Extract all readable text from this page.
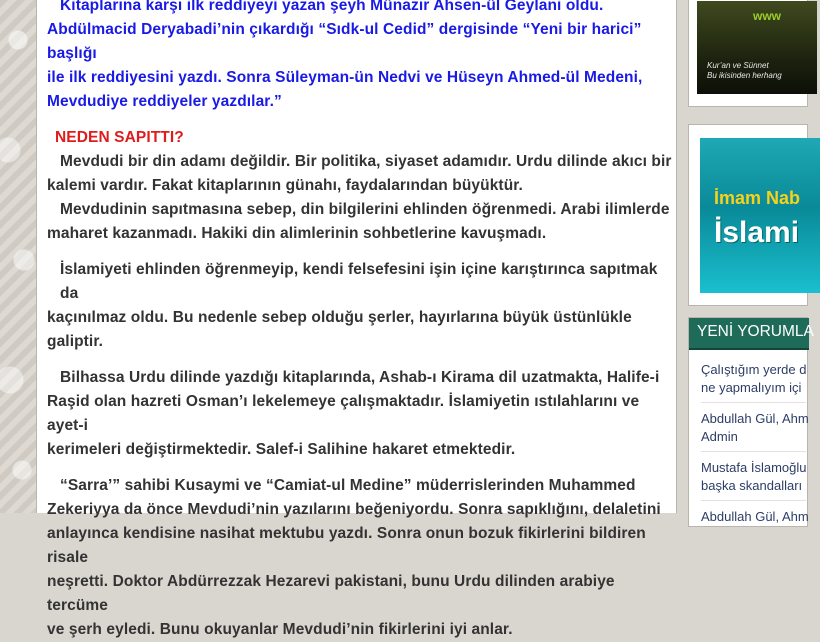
Kitaplarına karşı ilk reddiyeyi yazan şeyh Münazır Ahsen-ül Geylani oldu.

Abdülmacid Deryabadi’nin çıkardığı “Sıdk-ul Cedid” dergisinde “Yeni bir harici” başlığı

ile ilk reddiyesini yazdı. Sonra Süleyman-ün Nedvi ve Hüseyn Ahmed-ül Medeni,

Mevdudiye reddiyeler yazdılar.”

NEDEN SAPITTI?

Mevdudi bir din adamı değildir. Bir politika, siyaset adamıdır. Urdu dilinde akıcı bir

kalemi vardır. Fakat kitaplarının günahı, faydalarından büyüktür.

Mevdudinin sapıtmasına sebep, din bilgilerini ehlinden öğrenmedi. Arabi ilimlerde

maharet kazanmadı. Hakiki din alimlerinin sohbetlerine kavuşmadı.

İslamiyeti ehlinden öğrenmeyip, kendi felsefesini işin içine karıştırınca sapıtmak da

kaçınılmaz oldu. Bu nedenle sebep olduğu şerler, hayırlarına büyük üstünlükle galiptir.

Bilhassa Urdu dilinde yazdığı kitaplarında, Ashab-ı Kirama dil uzatmakta, Halife-i

Raşid olan hazreti Osman’ı lekelemeye çalışmaktadır. İslamiyetin ıstılahlarını ve ayet-i

kerimeleri değiştirmektedir. Salef-i Salihine hakaret etmektedir.

“Sarra’” sahibi Kusaymi ve “Camiat-ul Medine” müderrislerinden Muhammed

Zekeriyya da önce Mevdudi’nin yazılarını beğeniyordu. Sonra sapıklığını, delaletini

anlayınca kendisine nasihat mektubu yazdı. Sonra onun bozuk fikirlerini bildiren risale

neşretti. Doktor Abdürrezzak Hezarevi pakistani, bunu Urdu dilinden arabiye tercüme

ve şerh eyledi. Bunu okuyanlar Mevdudi’nin fikirlerini iyi anlar.

www
Kur’an ve Sünnet
Bu ikisinden herhang
İmam Nab
İslami
YENİ YORUMLA
Çalıştığım yerde d
ne yapmalıyım içi
Abdullah Gül, Ahm
Admin
Mustafa İslamoğlu
başka skandalları
Abdullah Gül, Ahm
